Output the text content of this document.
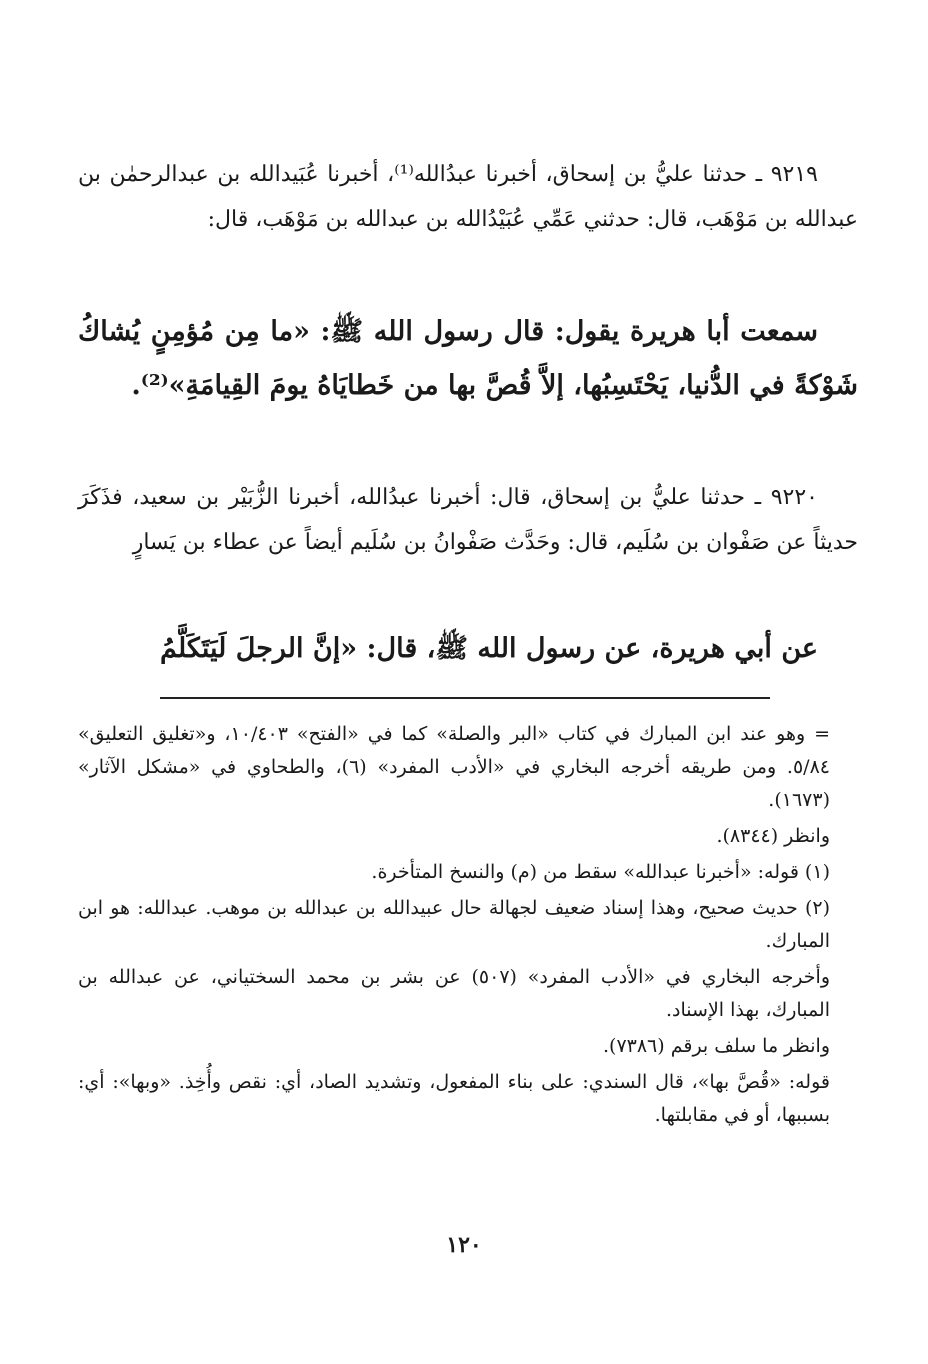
٩٢١٩ ـ حدثنا عليُّ بن إسحاق، أخبرنا عبدُالله⁽¹⁾، أخبرنا عُبَيدالله بن عبدالرحمٰن بن عبدالله بن مَوْهَب، قال: حدثني عَمِّي عُبَيْدُالله بن عبدالله بن مَوْهَب، قال:
سمعت أبا هريرة يقول: قال رسول الله ﷺ: «ما مِن مُؤمِنٍ يُشاكُ شَوْكةً في الدُّنيا، يَحْتَسِبُها، إلاَّ قُصَّ بها من خَطايَاهُ يومَ القِيامَةِ»⁽²⁾.
٩٢٢٠ ـ حدثنا عليُّ بن إسحاق، قال: أخبرنا عبدُالله، أخبرنا الزُّبَيْر بن سعيد، فذَكَرَ حديثاً عن صَفْوان بن سُلَيم، قال: وحَدَّث صَفْوانُ بن سُلَيم أيضاً عن عطاء بن يَسارٍ
عن أبي هريرة، عن رسول الله ﷺ، قال: «إنَّ الرجلَ لَيَتَكَلَّمُ

= وهو عند ابن المبارك في كتاب «البر والصلة» كما في «الفتح» ١٠/٤٠٣، و«تغليق التعليق» ٥/٨٤. ومن طريقه أخرجه البخاري في «الأدب المفرد» (٦)، والطحاوي في «مشكل الآثار» (١٦٧٣).

وانظر (٨٣٤٤).

(١) قوله: «أخبرنا عبدالله» سقط من (م) والنسخ المتأخرة.

(٢) حديث صحيح، وهذا إسناد ضعيف لجهالة حال عبيدالله بن عبدالله بن موهب. عبدالله: هو ابن المبارك.

وأخرجه البخاري في «الأدب المفرد» (٥٠٧) عن بشر بن محمد السختياني، عن عبدالله بن المبارك، بهذا الإسناد.

وانظر ما سلف برقم (٧٣٨٦).

قوله: «قُصَّ بها»، قال السندي: على بناء المفعول، وتشديد الصاد، أي: نقص وأُخِذ. «وبها»: أي: بسببها، أو في مقابلتها.

١٢٠
